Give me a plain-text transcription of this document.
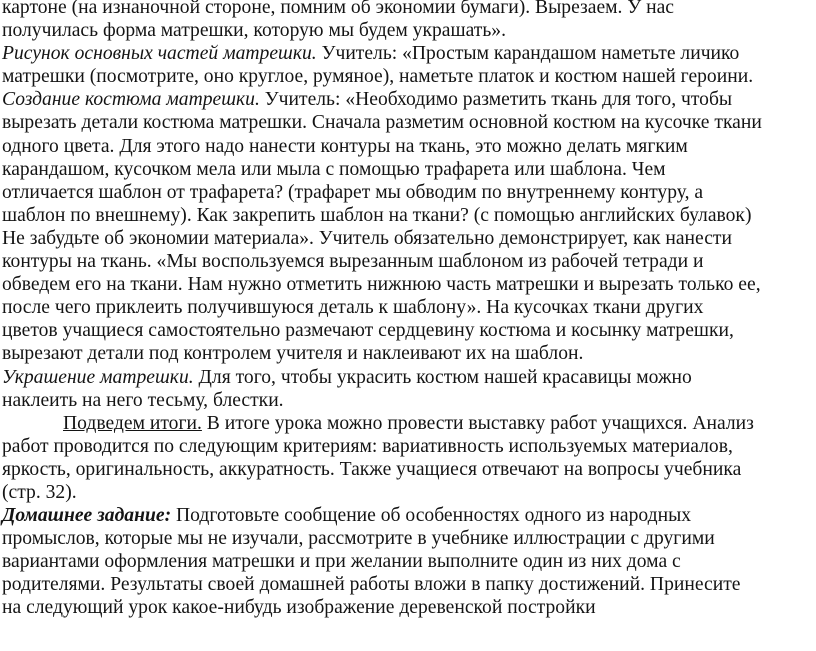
картоне (на изнаночной стороне, помним об экономии бумаги). Вырезаем. У нас
получилась форма матрешки, которую мы будем украшать».
Рисунок основных частей матрешки. Учитель: «Простым карандашом наметьте личико
матрешки (посмотрите, оно круглое, румяное), наметьте платок и костюм нашей героини.
Создание костюма матрешки. Учитель: «Необходимо разметить ткань для того, чтобы
вырезать детали костюма матрешки. Сначала разметим основной костюм на кусочке ткани
одного цвета. Для этого надо нанести контуры на ткань, это можно делать мягким
карандашом, кусочком мела или мыла с помощью трафарета или шаблона. Чем
отличается шаблон от трафарета? (трафарет мы обводим по внутреннему контуру, а
шаблон по внешнему). Как закрепить шаблон на ткани? (с помощью английских булавок)
Не забудьте об экономии материала». Учитель обязательно демонстрирует, как нанести
контуры на ткань. «Мы воспользуемся вырезанным шаблоном из рабочей тетради и
обведем его на ткани. Нам нужно отметить нижнюю часть матрешки и вырезать только ее,
после чего приклеить получившуюся деталь к шаблону». На кусочках ткани других
цветов учащиеся самостоятельно размечают сердцевину костюма и косынку матрешки,
вырезают детали под контролем учителя и наклеивают их на шаблон.
Украшение матрешки. Для того, чтобы украсить костюм нашей красавицы можно
наклеить на него тесьму, блестки.
Подведем итоги. В итоге урока можно провести выставку работ учащихся. Анализ
работ проводится по следующим критериям: вариативность используемых материалов,
яркость, оригинальность, аккуратность. Также учащиеся отвечают на вопросы учебника
(стр. 32).
Домашнее задание: Подготовьте сообщение об особенностях одного из народных
промыслов, которые мы не изучали, рассмотрите в учебнике иллюстрации с другими
вариантами оформления матрешки и при желании выполните один из них дома с
родителями. Результаты своей домашней работы вложи в папку достижений. Принесите
на следующий урок какое-нибудь изображение деревенской постройки
